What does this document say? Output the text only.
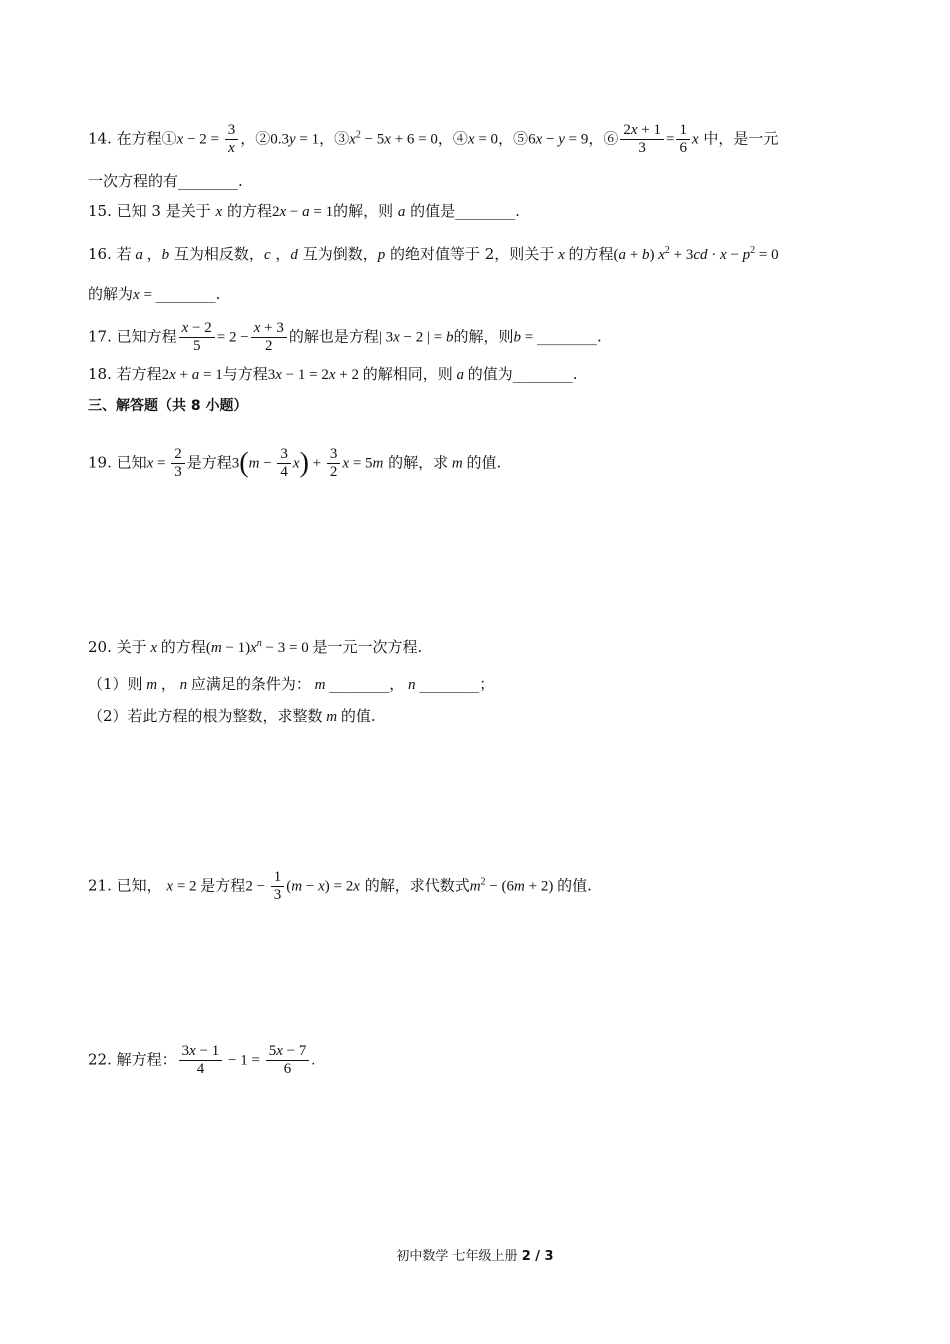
14. 在方程①x − $2 = \frac{3}{x}$ ，②0.3y = 1，$③x^2 - 5x + 6 = 0$，④x = 0，⑤6x − y = 9，⑥ $\frac{2x + 1}{3} = \frac{1}{6}$ x 中，是一元
一次方程的有________.
15. 已知 3 是关于 x 的方程2x − a = 1的解，则 a 的值是________.
16. 若 a ，b 互为相反数，c ，d 互为倒数，p 的绝对值等于 2，则关于 x 的方程(a + b) $x^2 + 3cd \cdot x - p^2 = 0$
的解为x = ________.
17. 已知方程 $\frac{x - 2}{5} = 2 - \frac{x + 3}{2}$ 的解也是方程| 3x − 2 | = b的解，则b = ________.
18. 若方程2x + a = 1与方程3x − 1 = 2x + 2 的解相同，则 a 的值为________.
三、解答题（共 8 小题）
19. 已知$x = \frac{2}{3}$ 是方程$3(m - \frac{3}{4} x) + \frac{3}{2}$ x = 5m 的解，求 m 的值.
20. 关于 x 的方程$(m - 1)x^n - 3 = 0$ 是一元一次方程.
（1）则 m ， n 应满足的条件为： m ________， n ________；
（2）若此方程的根为整数，求整数 m 的值.
21. 已知， x = 2 是方程$2 - \frac{1}{3} (m - x) = 2x$ 的解，求代数式$m^2 - (6m + 2)$ 的值.
22. 解方程： $\frac{3x - 1}{4} - 1 = \frac{5x - 7}{6}$ .
初中数学 七年级上册 2 / 3
